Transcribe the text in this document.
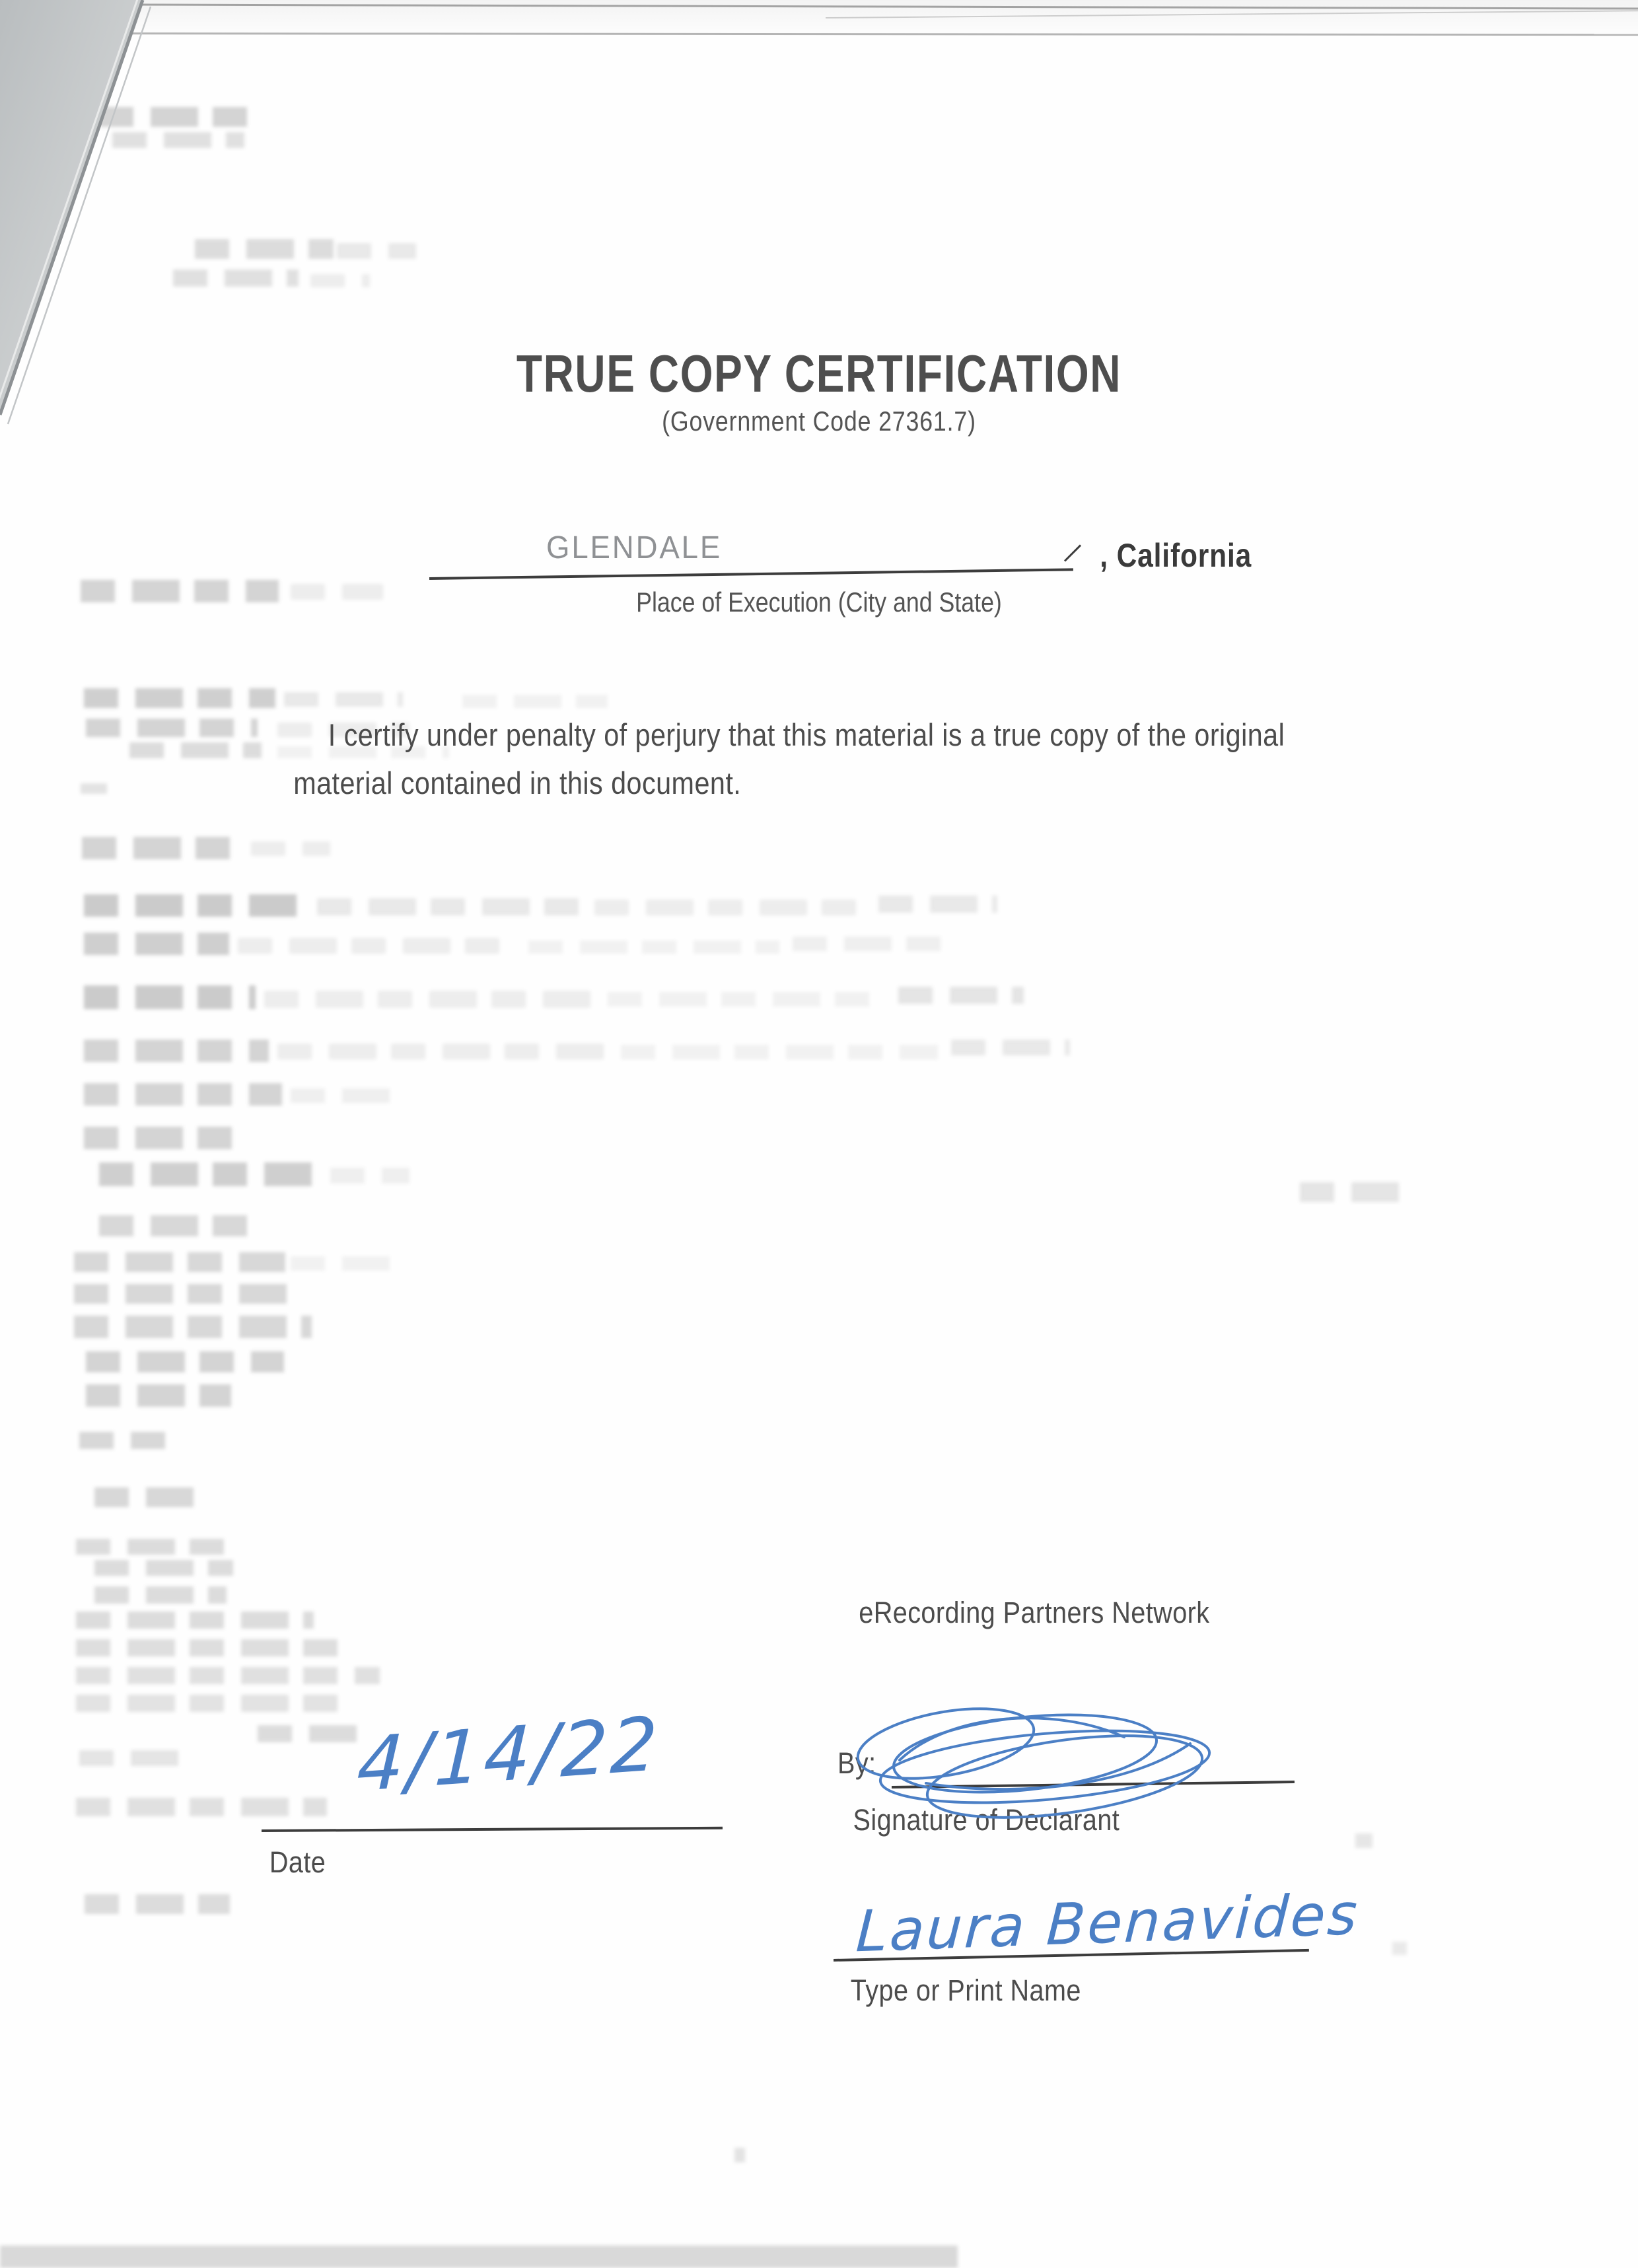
TRUE COPY CERTIFICATION
(Government Code 27361.7)
GLENDALE	, California
Place of Execution (City and State)
I certify under penalty of perjury that this material is a true copy of the original
material contained in this document.
eRecording Partners Network
4/14/22
Date
By:
Signature of Declarant
Laura Benavides
Type or Print Name
